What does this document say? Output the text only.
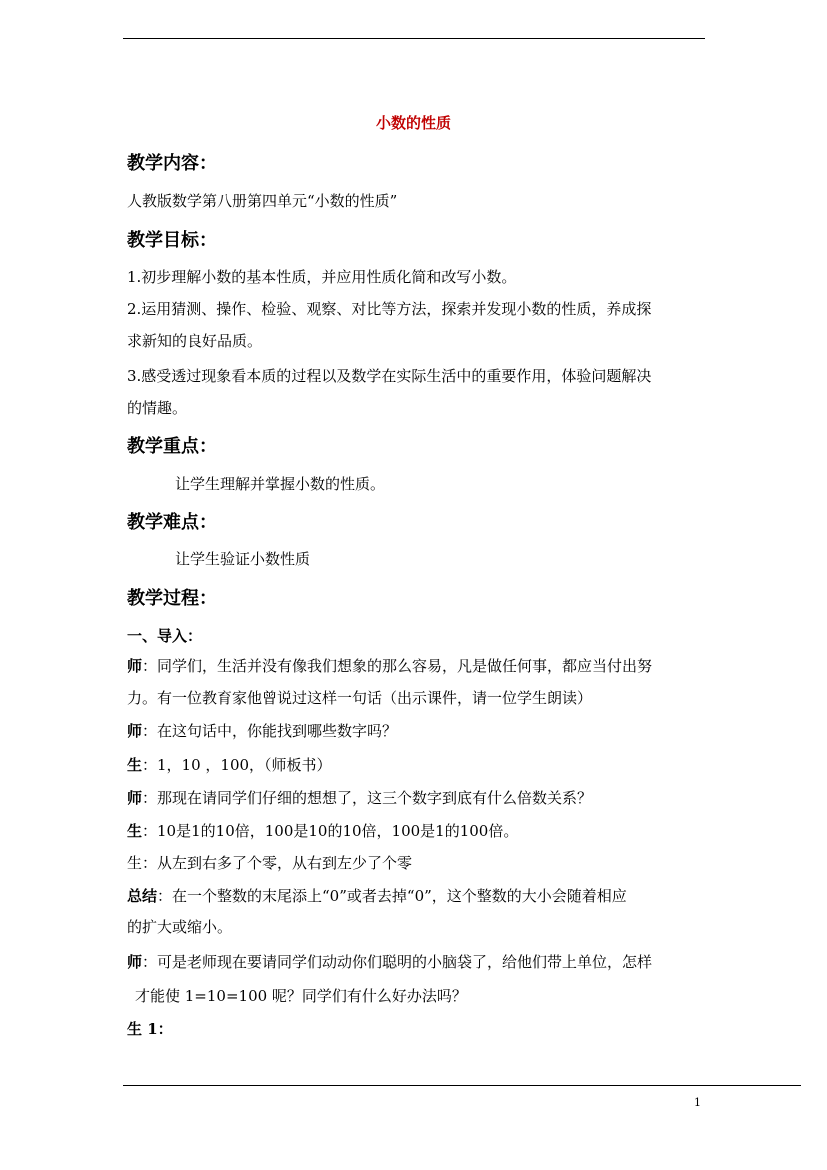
小数的性质
教学内容：
人教版数学第八册第四单元“小数的性质”
教学目标：
1.初步理解小数的基本性质，并应用性质化简和改写小数。
2.运用猜测、操作、检验、观察、对比等方法，探索并发现小数的性质，养成探
求新知的良好品质。
3.感受透过现象看本质的过程以及数学在实际生活中的重要作用，体验问题解决
的情趣。
教学重点：
让学生理解并掌握小数的性质。
教学难点：
让学生验证小数性质
教学过程：
一、导入：
师：同学们，生活并没有像我们想象的那么容易，凡是做任何事，都应当付出努
力。有一位教育家他曾说过这样一句话（出示课件，请一位学生朗读）
师：在这句话中，你能找到哪些数字吗？
生：1，10 ，100，（师板书）
师：那现在请同学们仔细的想想了，这三个数字到底有什么倍数关系？
生：10是1的10倍，100是10的10倍，100是1的100倍。
生：从左到右多了个零，从右到左少了个零
总结：在一个整数的末尾添上“0”或者去掉“0”，这个整数的大小会随着相应
的扩大或缩小。
师：可是老师现在要请同学们动动你们聪明的小脑袋了，给他们带上单位，怎样
才能使 1=10=100 呢？同学们有什么好办法吗？
生 1：
1
